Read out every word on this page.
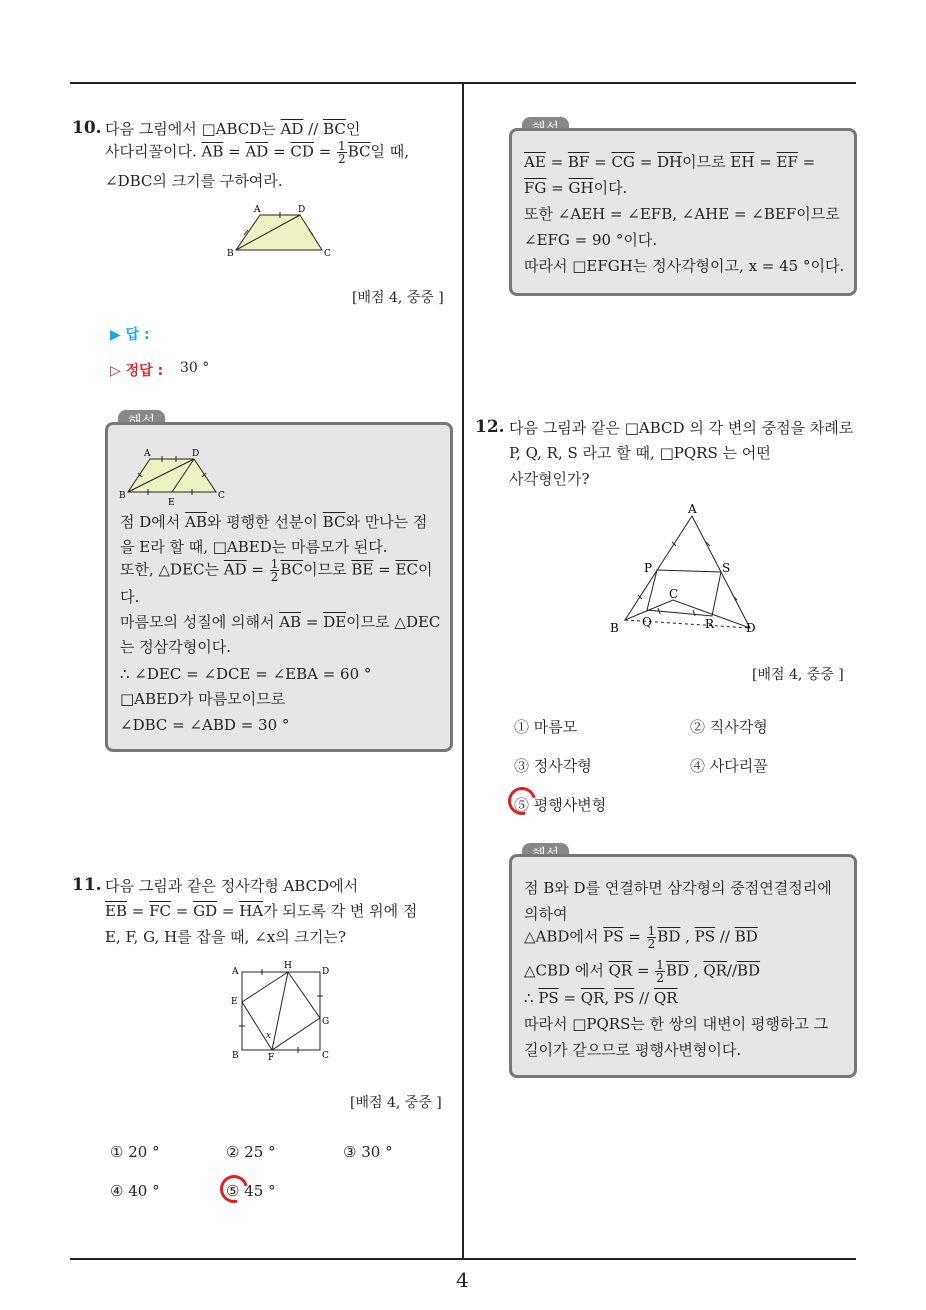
4
10. 다음 그림에서 □ABCD는 $\overline{AD} // \overline{BC}$인
사다리꼴이다. $\overline{AB} = \overline{AD} = \overline{CD} = \frac{1}{2} \overline{BC}$일 때,
∠DBC의 크기를 구하여라.
A	D
B	C
[배점 4, 중중 ]
▶ 답 :
▷ 정답 : 30 °
A	D
B
E
C
점 D에서 $\overline{AB}$와 평행한 선분이 $\overline{BC}$와 만나는 점
을 E라 할 때, □ABED는 마름모가 된다.
또한, △DEC는 $\overline{AD} = \frac{1}{2} \overline{BC}$이므로 $\overline{BE} = \overline{EC}$이
다.
마름모의 성질에 의해서 $\overline{AB} = \overline{DE}$이므로 △DEC
는 정삼각형이다.
∴ ∠DEC = ∠DCE = ∠EBA = 60 °
□ABED가 마름모이므로
∠DBC = ∠ABD = 30 °
11. 다음 그림과 같은 정사각형 ABCD에서
$\overline{EB} = \overline{FC} = \overline{GD} = \overline{HA}$가 되도록 각 변 위에 점
E, F, G, H를 잡을 때, ∠x의 크기는?
A
H
D
E
G
B	F	C
x
[배점 4, 중중 ]
① 20 °	② 25 °	③ 30 °
④ 40 °	⑤ 45 °
$\overline{AE} = \overline{BF} = \overline{CG} = \overline{DH}$이므로 $\overline{EH} = \overline{EF}$ =
$\overline{FG} = \overline{GH}$이다.
또한 ∠AEH = ∠EFB, ∠AHE = ∠BEF이므로
∠EFG = 90 °이다.
따라서 □EFGH는 정사각형이고, x = 45 °이다.
12. 다음 그림과 같은 □ABCD 의 각 변의 중점을 차례로
P, Q, R, S 라고 할 때, □PQRS 는 어떤
사각형인가?
A
P	S
C
B Q	R	D
[배점 4, 중중 ]
① 마름모	② 직사각형
③ 정사각형	④ 사다리꼴
⑤ 평행사변형
점 B와 D를 연결하면 삼각형의 중점연결정리에
의하여
△ABD에서 $\overline{PS} = \frac{1}{2} \overline{BD}$ , $\overline{PS} // \overline{BD}$
△CBD 에서 $\overline{QR} = \frac{1}{2} \overline{BD}$ , $\overline{QR}//\overline{BD}$
∴ $\overline{PS} = \overline{QR}$, $\overline{PS} // \overline{QR}$
따라서 □PQRS는 한 쌍의 대변이 평행하고 그
길이가 같으므로 평행사변형이다.
